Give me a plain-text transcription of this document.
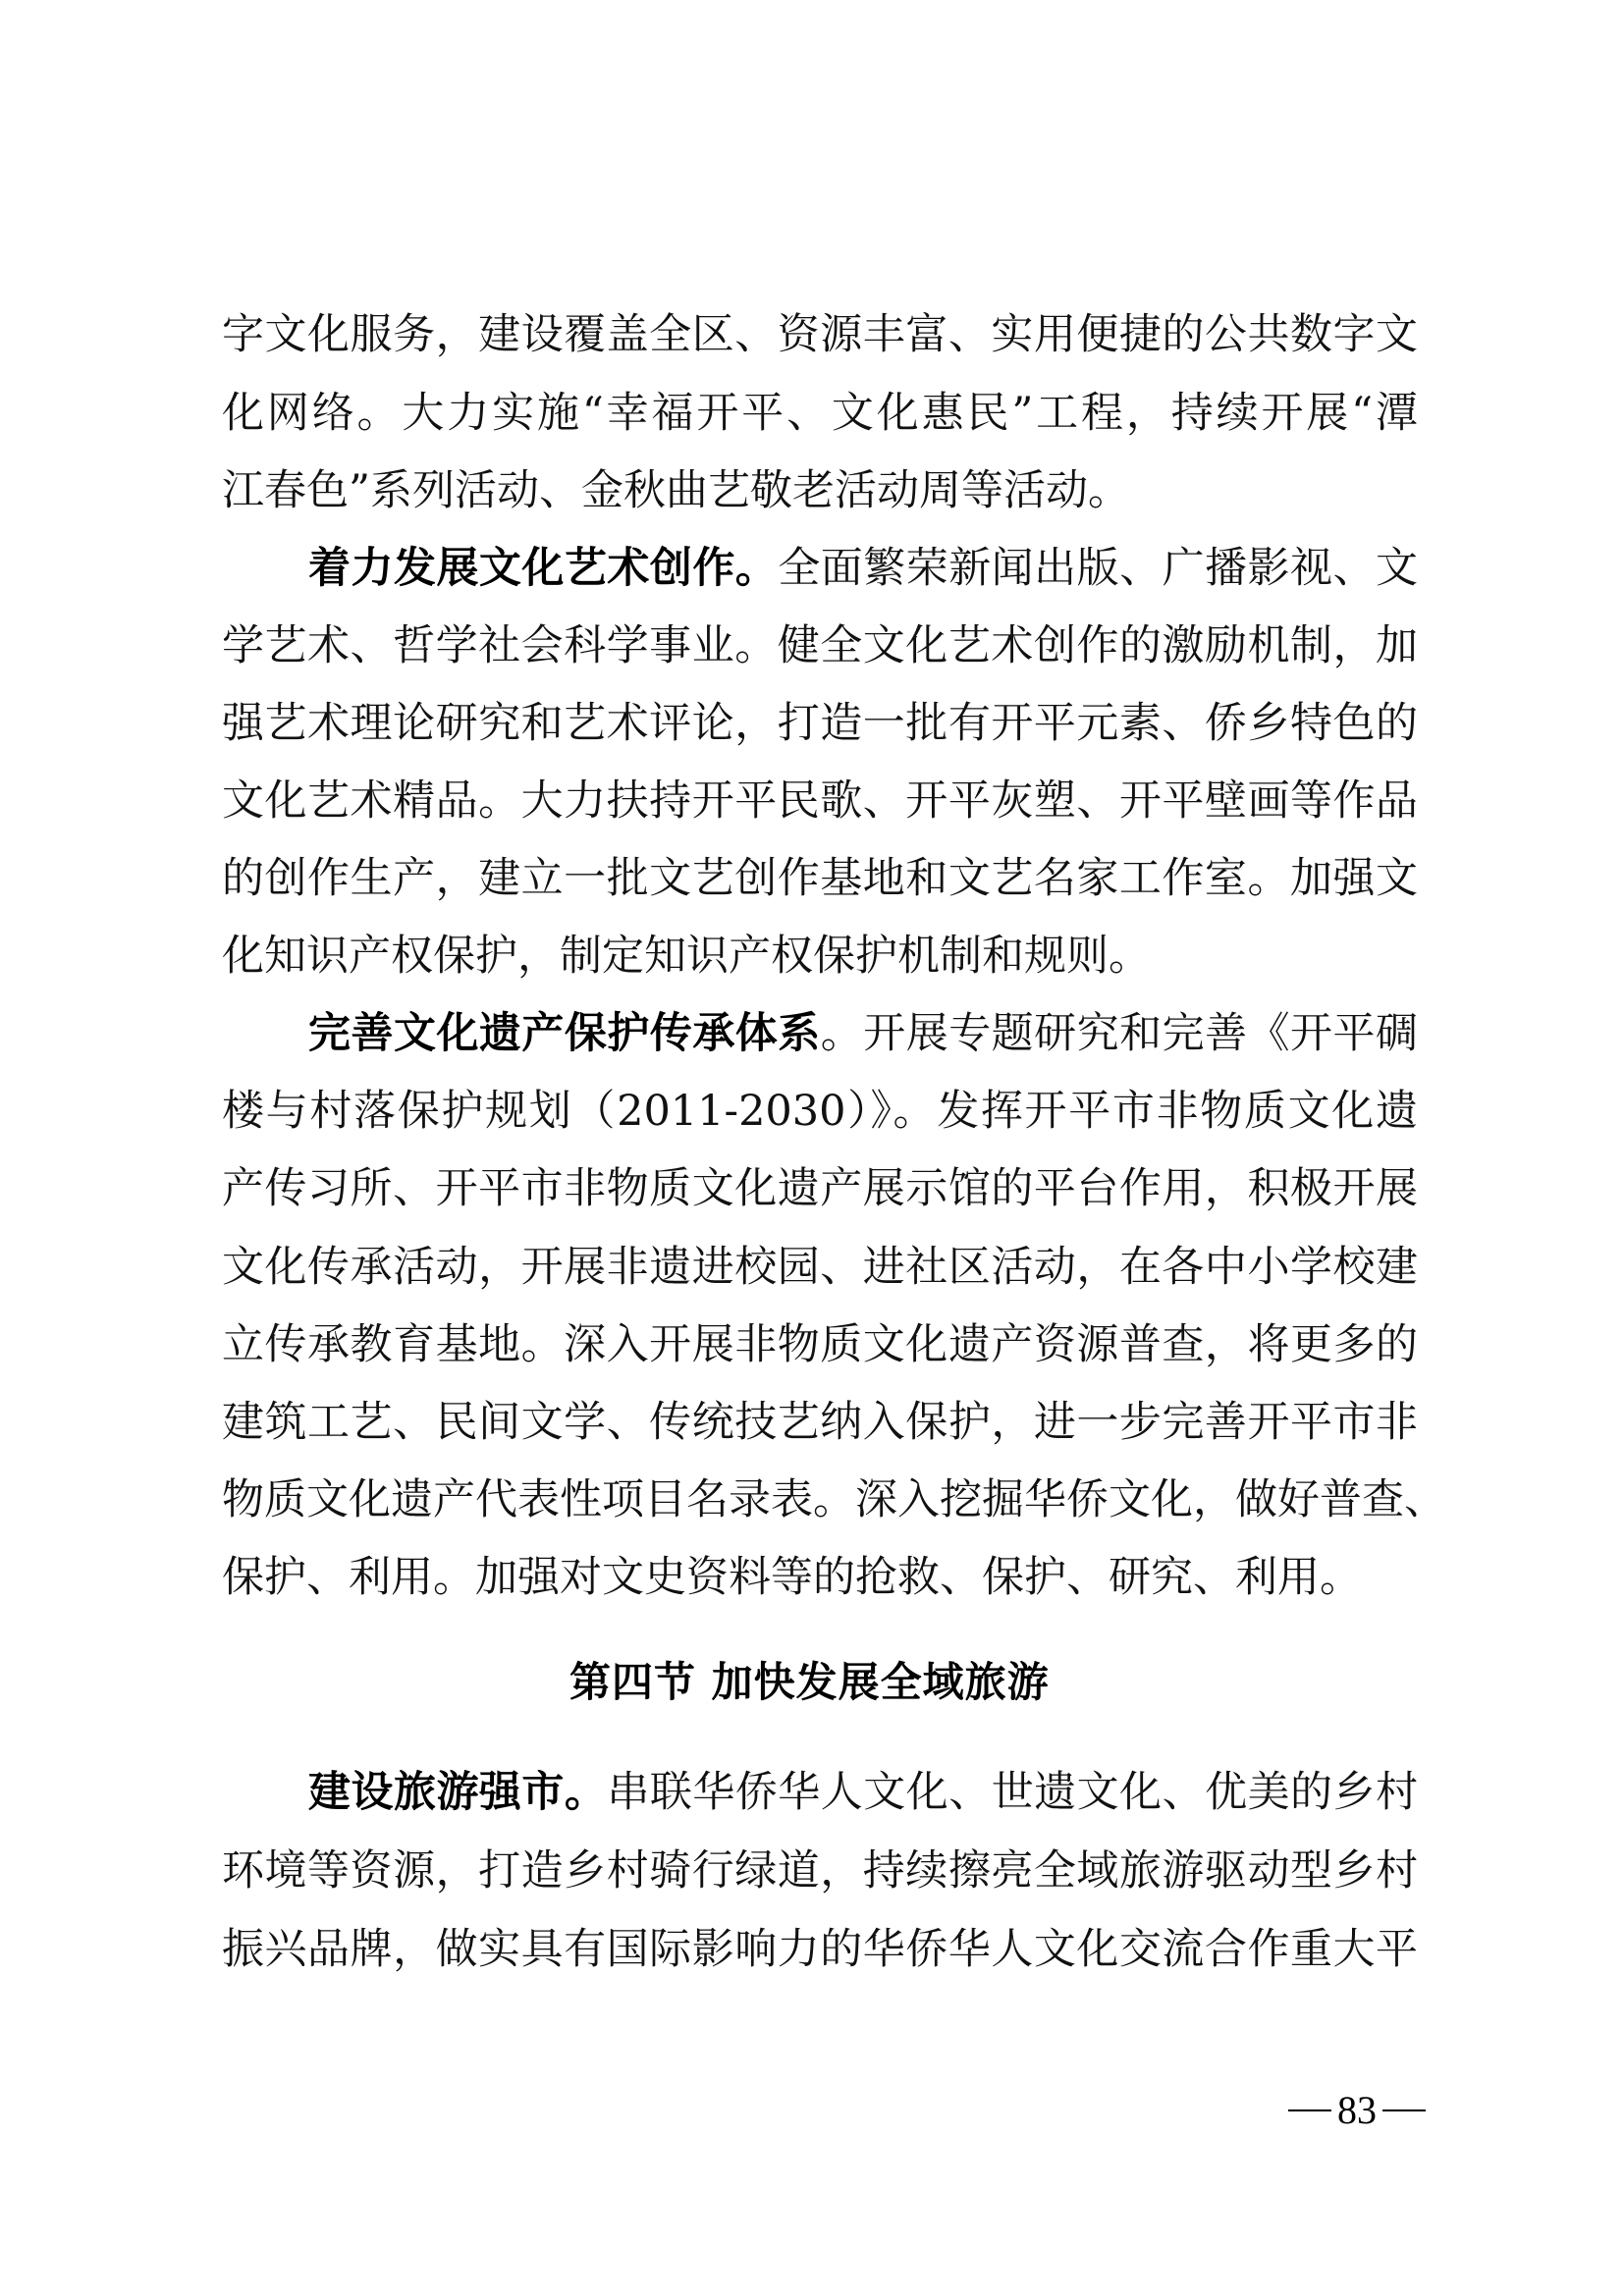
字文化服务，建设覆盖全区、资源丰富、实用便捷的公共数字文
化网络。大力实施“幸福开平、文化惠民”工程，持续开展“潭
江春色”系列活动、金秋曲艺敬老活动周等活动。
着力发展文化艺术创作。全面繁荣新闻出版、广播影视、文
学艺术、哲学社会科学事业。健全文化艺术创作的激励机制，加
强艺术理论研究和艺术评论，打造一批有开平元素、侨乡特色的
文化艺术精品。大力扶持开平民歌、开平灰塑、开平壁画等作品
的创作生产，建立一批文艺创作基地和文艺名家工作室。加强文
化知识产权保护，制定知识产权保护机制和规则。
完善文化遗产保护传承体系。开展专题研究和完善《开平碉
楼与村落保护规划（2011-2030）》。发挥开平市非物质文化遗
产传习所、开平市非物质文化遗产展示馆的平台作用，积极开展
文化传承活动，开展非遗进校园、进社区活动，在各中小学校建
立传承教育基地。深入开展非物质文化遗产资源普查，将更多的
建筑工艺、民间文学、传统技艺纳入保护，进一步完善开平市非
物质文化遗产代表性项目名录表。深入挖掘华侨文化，做好普查、
保护、利用。加强对文史资料等的抢救、保护、研究、利用。
第四节 加快发展全域旅游
建设旅游强市。串联华侨华人文化、世遗文化、优美的乡村
环境等资源，打造乡村骑行绿道，持续擦亮全域旅游驱动型乡村
振兴品牌，做实具有国际影响力的华侨华人文化交流合作重大平
83
